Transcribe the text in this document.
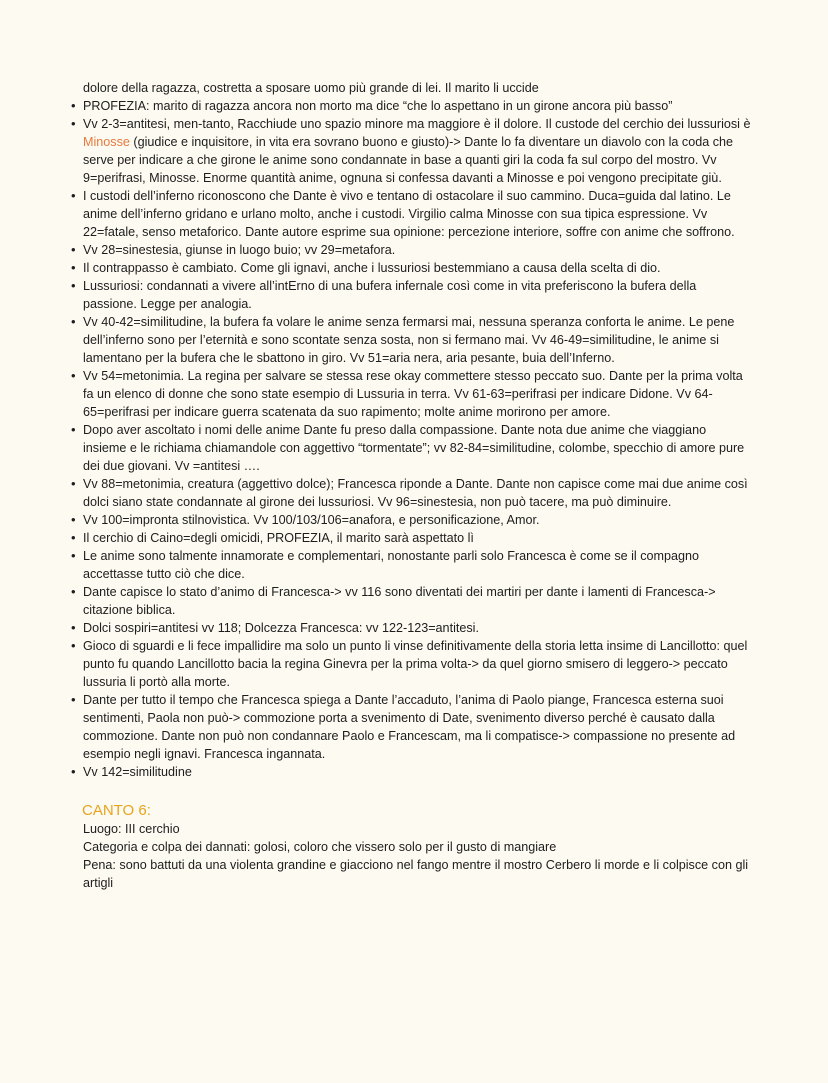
dolore della ragazza, costretta a sposare uomo più grande di lei. Il marito li uccide

• PROFEZIA: marito di ragazza ancora non morto ma dice “che lo aspettano in un girone ancora più basso”
• Vv 2-3=antitesi, men-tanto, Racchiude uno spazio minore ma maggiore è il dolore. Il custode del cerchio dei lussuriosi è Minosse (giudice e inquisitore, in vita era sovrano buono e giusto)-> Dante lo fa diventare un diavolo con la coda che serve per indicare a che girone le anime sono condannate in base a quanti giri la coda fa sul corpo del mostro. Vv 9=perifrasi, Minosse. Enorme quantità anime, ognuna si confessa davanti a Minosse e poi vengono precipitate giù.
• I custodi dell’inferno riconoscono che Dante è vivo e tentano di ostacolare il suo cammino. Duca=guida dal latino. Le anime dell’inferno gridano e urlano molto, anche i custodi. Virgilio calma Minosse con sua tipica espressione. Vv 22=fatale, senso metaforico. Dante autore esprime sua opinione: percezione interiore, soffre con anime che soffrono.
• Vv 28=sinestesia, giunse in luogo buio; vv 29=metafora.
• Il contrappasso è cambiato. Come gli ignavi, anche i lussuriosi bestemmiano a causa della scelta di dio.
• Lussuriosi: condannati a vivere all’intErno di una bufera infernale così come in vita preferiscono la bufera della passione. Legge per analogia.
• Vv 40-42=similitudine, la bufera fa volare le anime senza fermarsi mai, nessuna speranza conforta le anime. Le pene dell’inferno sono per l’eternità e sono scontate senza sosta, non si fermano mai. Vv 46-49=similitudine, le anime si lamentano per la bufera che le sbattono in giro. Vv 51=aria nera, aria pesante, buia dell’Inferno.
• Vv 54=metonimia. La regina per salvare se stessa rese okay commettere stesso peccato suo. Dante per la prima volta fa un elenco di donne che sono state esempio di Lussuria in terra. Vv 61-63=perifrasi per indicare Didone. Vv 64-65=perifrasi per indicare guerra scatenata da suo rapimento; molte anime morirono per amore.
• Dopo aver ascoltato i nomi delle anime Dante fu preso dalla compassione. Dante nota due anime che viaggiano insieme e le richiama chiamandole con aggettivo “tormentate”; vv 82-84=similitudine, colombe, specchio di amore pure dei due giovani. Vv =antitesi ….
• Vv 88=metonimia, creatura (aggettivo dolce); Francesca riponde a Dante. Dante non capisce come mai due anime così dolci siano state condannate al girone dei lussuriosi. Vv 96=sinestesia, non può tacere, ma può diminuire.
• Vv 100=impronta stilnovistica. Vv 100/103/106=anafora, e personificazione, Amor.
• Il cerchio di Caino=degli omicidi, PROFEZIA, il marito sarà aspettato lì
• Le anime sono talmente innamorate e complementari, nonostante parli solo Francesca è come se il compagno accettasse tutto ciò che dice.
• Dante capisce lo stato d’animo di Francesca-> vv 116 sono diventati dei martiri per dante i lamenti di Francesca-> citazione biblica.
• Dolci sospiri=antitesi vv 118; Dolcezza Francesca: vv 122-123=antitesi.
• Gioco di sguardi e li fece impallidire ma solo un punto li vinse definitivamente della storia letta insime di Lancillotto: quel punto fu quando Lancillotto bacia la regina Ginevra per la prima volta-> da quel giorno smisero di leggero-> peccato lussuria li portò alla morte.
• Dante per tutto il tempo che Francesca spiega a Dante l’accaduto, l’anima di Paolo piange, Francesca esterna suoi sentimenti, Paola non può-> commozione porta a svenimento di Date, svenimento diverso perché è causato dalla commozione. Dante non può non condannare Paolo e Francescam, ma li compatisce-> compassione no presente ad esempio negli ignavi. Francesca ingannata.
• Vv 142=similitudine
CANTO 6:

Luogo: III cerchio

Categoria e colpa dei dannati: golosi, coloro che vissero solo per il gusto di mangiare

Pena: sono battuti da una violenta grandine e giacciono nel fango mentre il mostro Cerbero li morde e li colpisce con gli artigli
